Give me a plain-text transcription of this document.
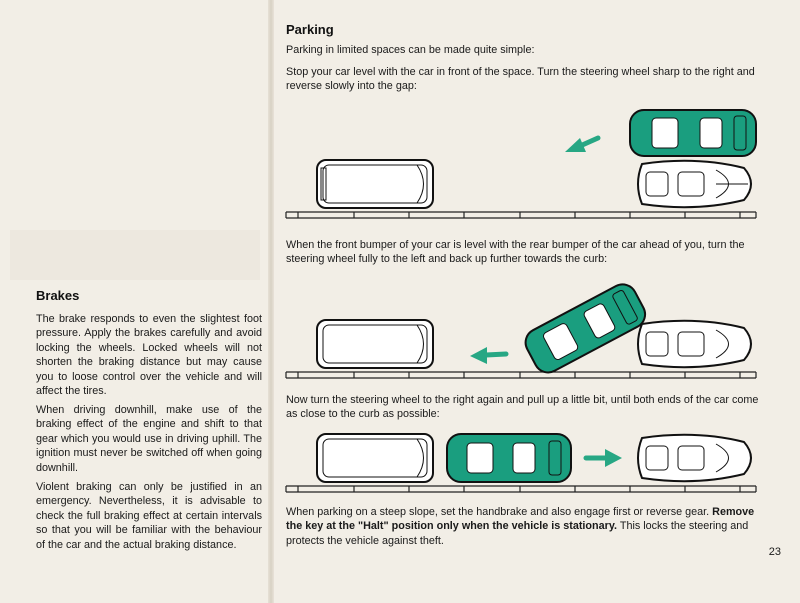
Brakes

The brake responds to even the slightest foot pressure. Apply the brakes carefully and avoid locking the wheels. Locked wheels will not shorten the braking distance but may cause you to loose control over the vehicle and will affect the tires.

When driving downhill, make use of the braking effect of the engine and shift to that gear which you would use in driving uphill. The ignition must never be switched off when going downhill.

Violent braking can only be justified in an emergency. Nevertheless, it is advisable to check the full braking effect at certain intervals so that you will be familiar with the behaviour of the car and the actual braking distance.

Parking

Parking in limited spaces can be made quite simple:

Stop your car level with the car in front of the space. Turn the steering wheel sharp to the right and reverse slowly into the gap:

When the front bumper of your car is level with the rear bumper of the car ahead of you, turn the steering wheel fully to the left and back up further towards the curb:

Now turn the steering wheel to the right again and pull up a little bit, until both ends of the car come as close to the curb as possible:

When parking on a steep slope, set the handbrake and also engage first or reverse gear. Remove the key at the "Halt" position only when the vehicle is stationary. This locks the steering and protects the vehicle against theft.

23
